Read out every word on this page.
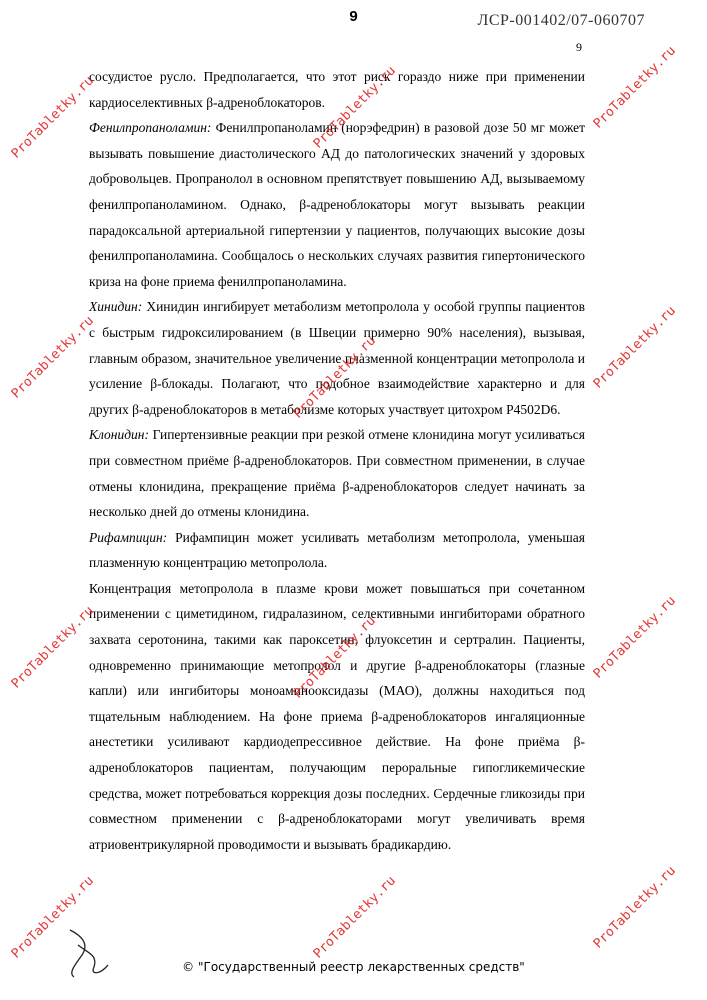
9	ЛСР-001402/07-060707
9

сосудистое русло. Предполагается, что этот риск гораздо ниже при применении кардиоселективных β-адреноблокаторов.

Фенилпропаноламин: Фенилпропаноламин (норэфедрин) в разовой дозе 50 мг может вызывать повышение диастолического АД до патологических значений у здоровых добровольцев. Пропранолол в основном препятствует повышению АД, вызываемому фенилпропаноламином. Однако, β-адреноблокаторы могут вызывать реакции парадоксальной артериальной гипертензии у пациентов, получающих высокие дозы фенилпропаноламина. Сообщалось о нескольких случаях развития гипертонического криза на фоне приема фенилпропаноламина.

Хинидин: Хинидин ингибирует метаболизм метопролола у особой группы пациентов с быстрым гидроксилированием (в Швеции примерно 90% населения), вызывая, главным образом, значительное увеличение плазменной концентрации метопролола и усиление β-блокады. Полагают, что подобное взаимодействие характерно и для других β-адреноблокаторов в метаболизме которых участвует цитохром P4502D6.

Клонидин: Гипертензивные реакции при резкой отмене клонидина могут усиливаться при совместном приёме β-адреноблокаторов. При совместном применении, в случае отмены клонидина, прекращение приёма β-адреноблокаторов следует начинать за несколько дней до отмены клонидина.

Рифампицин: Рифампицин может усиливать метаболизм метопролола, уменьшая плазменную концентрацию метопролола.

Концентрация метопролола в плазме крови может повышаться при сочетанном применении с циметидином, гидралазином, селективными ингибиторами обратного захвата серотонина, такими как пароксетин, флуоксетин и сертралин. Пациенты, одновременно принимающие метопролол и другие β-адреноблокаторы (глазные капли) или ингибиторы моноаминооксидазы (МАО), должны находиться под тщательным наблюдением. На фоне приема β-адреноблокаторов ингаляционные анестетики усиливают кардиодепрессивное действие. На фоне приёма β-адреноблокаторов пациентам, получающим пероральные гипогликемические средства, может потребоваться коррекция дозы последних. Сердечные гликозиды при совместном применении с β-адреноблокаторами могут увеличивать время атриовентрикулярной проводимости и вызывать брадикардию.

© "Государственный реестр лекарственных средств"
ProTabletky.ru	ProTabletky.ru	ProTabletky.ru
ProTabletky.ru	ProTabletky.ru	ProTabletky.ru
ProTabletky.ru	ProTabletky.ru	ProTabletky.ru
ProTabletky.ru	ProTabletky.ru	ProTabletky.ru
